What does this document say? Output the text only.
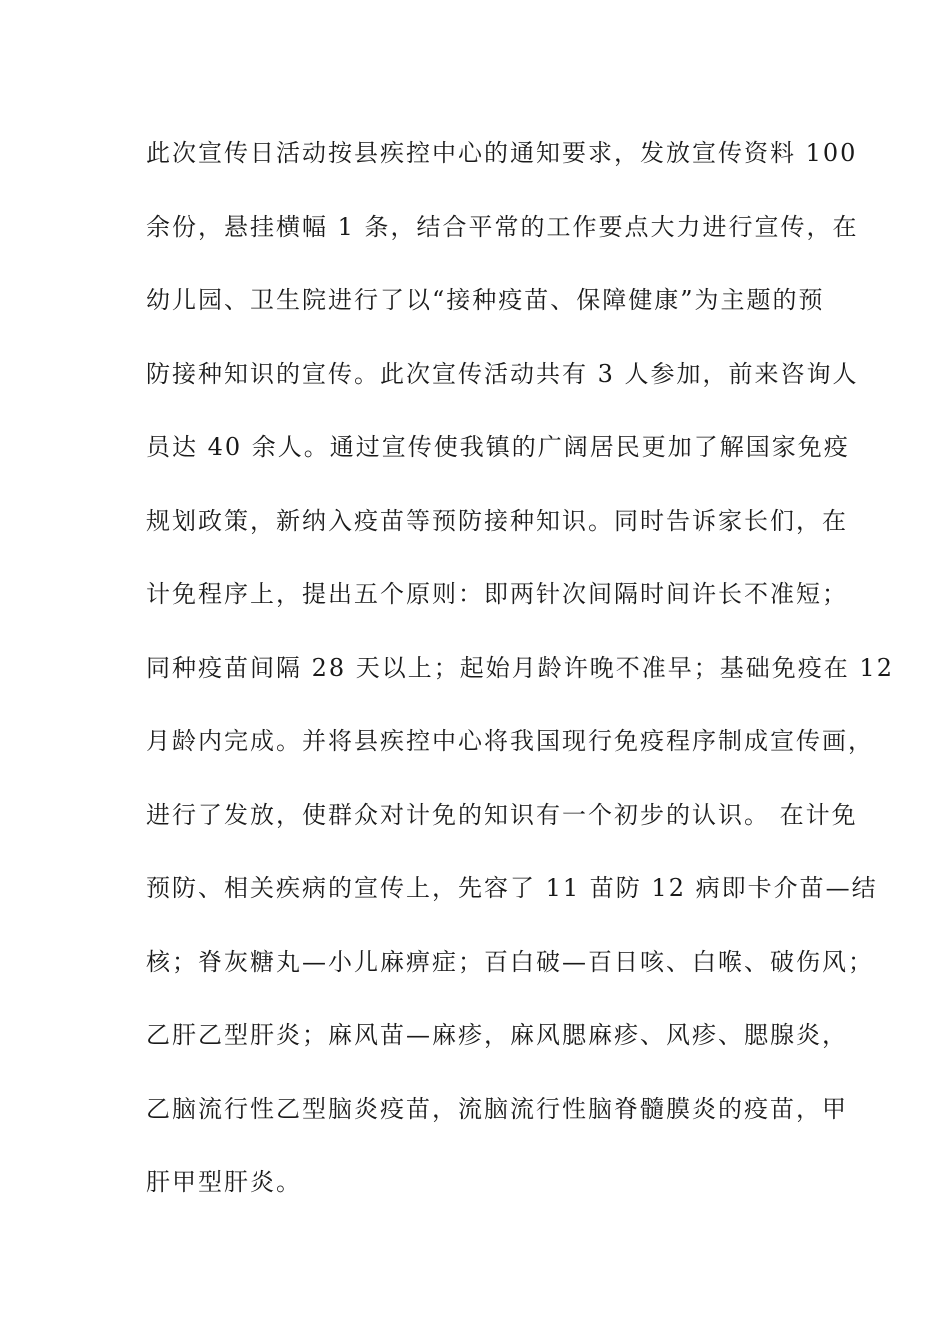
此次宣传日活动按县疾控中心的通知要求，发放宣传资料 100
余份，悬挂横幅 1 条，结合平常的工作要点大力进行宣传，在
幼儿园、卫生院进行了以“接种疫苗、保障健康”为主题的预
防接种知识的宣传。此次宣传活动共有 3 人参加，前来咨询人
员达 40 余人。通过宣传使我镇的广阔居民更加了解国家免疫
规划政策，新纳入疫苗等预防接种知识。同时告诉家长们，在
计免程序上，提出五个原则：即两针次间隔时间许长不准短；
同种疫苗间隔 28 天以上；起始月龄许晚不准早；基础免疫在 12
月龄内完成。并将县疾控中心将我国现行免疫程序制成宣传画，
进行了发放，使群众对计免的知识有一个初步的认识。 在计免
预防、相关疾病的宣传上，先容了 11 苗防 12 病即卡介苗—结
核；脊灰糖丸—小儿麻痹症；百白破—百日咳、白喉、破伤风；
乙肝乙型肝炎；麻风苗—麻疹，麻风腮麻疹、风疹、腮腺炎，
乙脑流行性乙型脑炎疫苗，流脑流行性脑脊髓膜炎的疫苗，甲
肝甲型肝炎。
